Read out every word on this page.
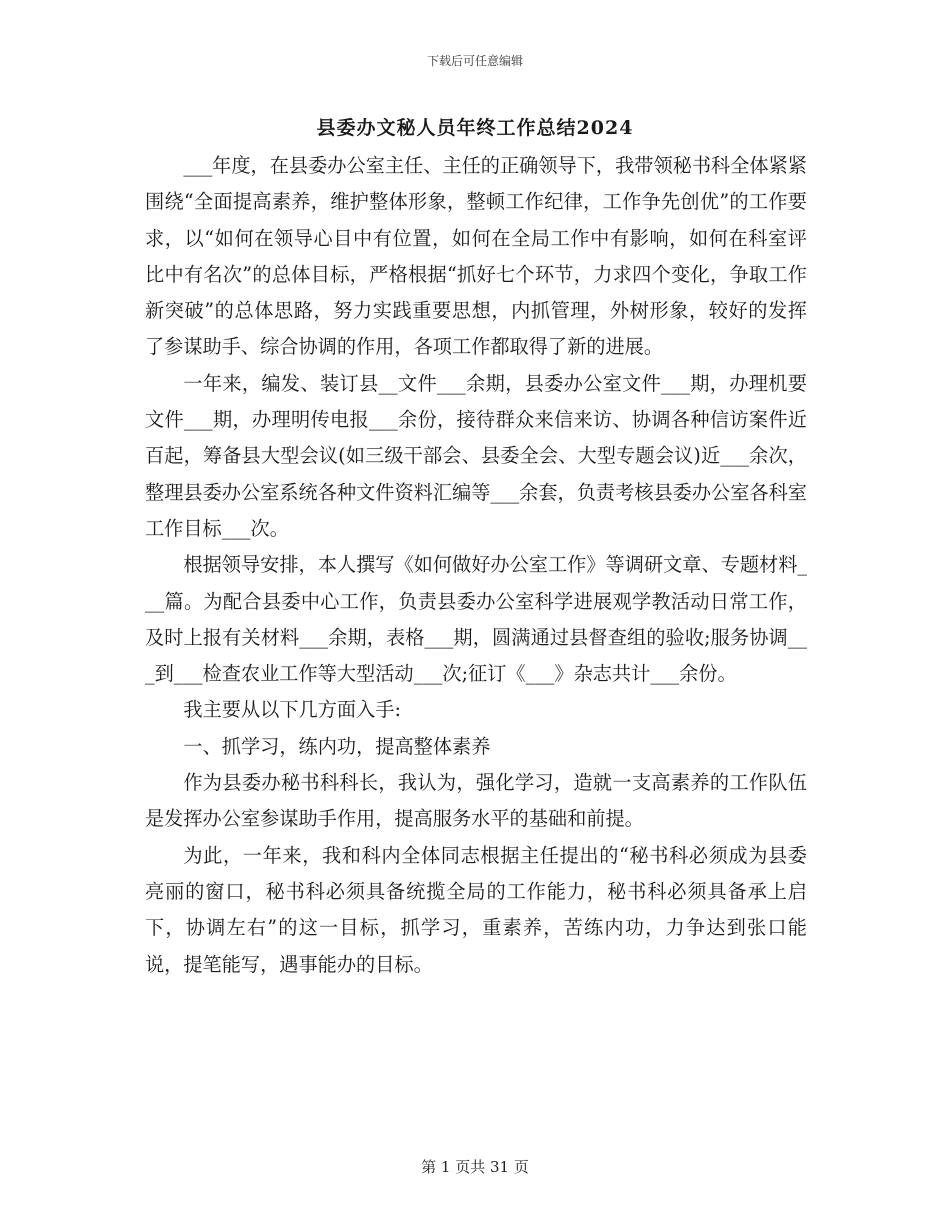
下载后可任意编辑
县委办文秘人员年终工作总结2024

___年度，在县委办公室主任、主任的正确领导下，我带领秘书科全体紧紧围绕“全面提高素养，维护整体形象，整顿工作纪律，工作争先创优”的工作要求，以“如何在领导心目中有位置，如何在全局工作中有影响，如何在科室评比中有名次”的总体目标，严格根据“抓好七个环节，力求四个变化，争取工作新突破”的总体思路，努力实践重要思想，内抓管理，外树形象，较好的发挥了参谋助手、综合协调的作用，各项工作都取得了新的进展。

一年来，编发、装订县__文件___余期，县委办公室文件___期，办理机要文件___期，办理明传电报___余份，接待群众来信来访、协调各种信访案件近百起，筹备县大型会议(如三级干部会、县委全会、大型专题会议)近___余次，整理县委办公室系统各种文件资料汇编等___余套，负责考核县委办公室各科室工作目标___次。

根据领导安排，本人撰写《如何做好办公室工作》等调研文章、专题材料___篇。为配合县委中心工作，负责县委办公室科学进展观学教活动日常工作，及时上报有关材料___余期，表格___期，圆满通过县督查组的验收;服务协调___到___检查农业工作等大型活动___次;征订《___》杂志共计___余份。

我主要从以下几方面入手:

一、抓学习，练内功，提高整体素养

作为县委办秘书科科长，我认为，强化学习，造就一支高素养的工作队伍是发挥办公室参谋助手作用，提高服务水平的基础和前提。

为此，一年来，我和科内全体同志根据主任提出的“秘书科必须成为县委亮丽的窗口，秘书科必须具备统揽全局的工作能力，秘书科必须具备承上启下，协调左右”的这一目标，抓学习，重素养，苦练内功，力争达到张口能说，提笔能写，遇事能办的目标。

第 1 页共 31 页
